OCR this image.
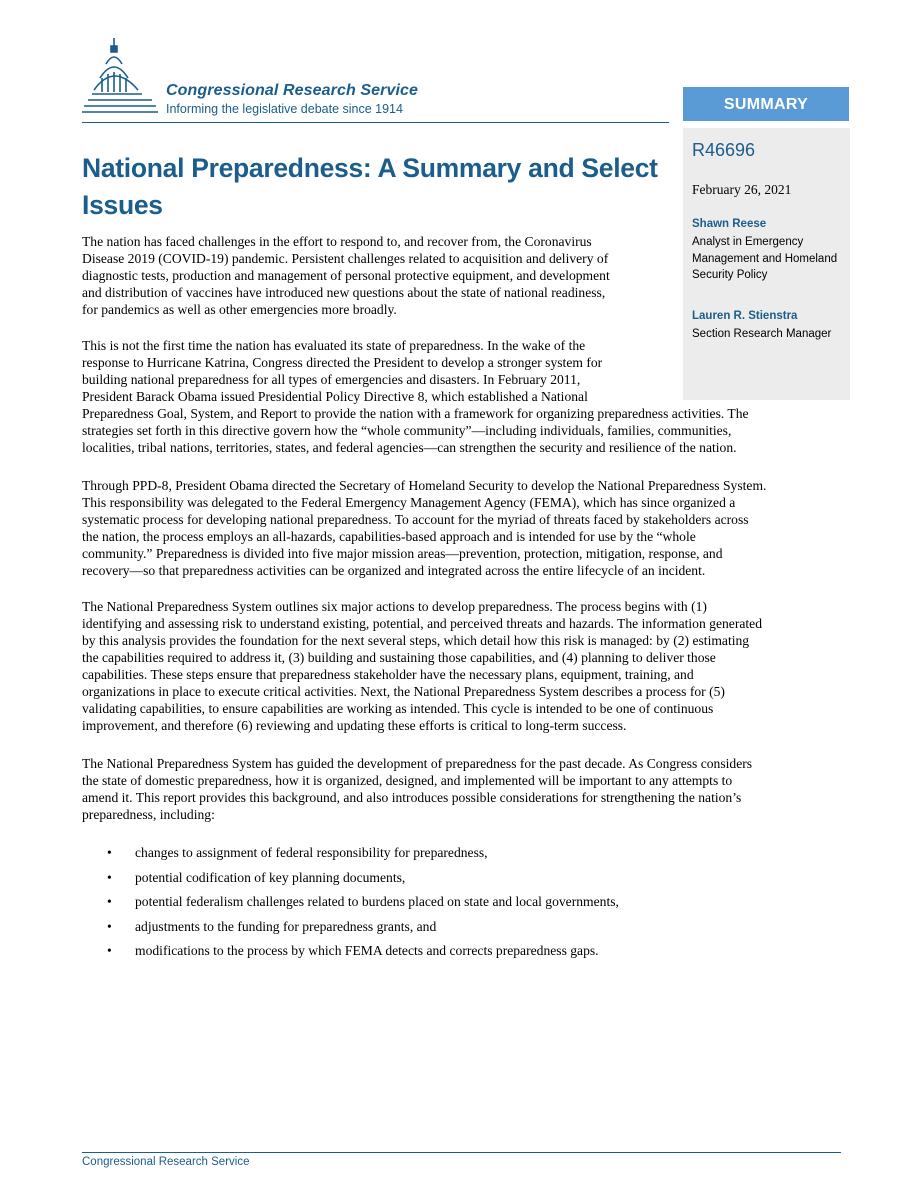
Congressional Research Service
Informing the legislative debate since 1914	SUMMARY
R46696
February 26, 2021
Shawn Reese
Analyst in Emergency Management and Homeland Security Policy
Lauren R. Stienstra
Section Research Manager
National Preparedness: A Summary and Select
Issues

The nation has faced challenges in the effort to respond to, and recover from, the Coronavirus
Disease 2019 (COVID-19) pandemic. Persistent challenges related to acquisition and delivery of
diagnostic tests, production and management of personal protective equipment, and development
and distribution of vaccines have introduced new questions about the state of national readiness,
for pandemics as well as other emergencies more broadly.

This is not the first time the nation has evaluated its state of preparedness. In the wake of the
response to Hurricane Katrina, Congress directed the President to develop a stronger system for
building national preparedness for all types of emergencies and disasters. In February 2011,
President Barack Obama issued Presidential Policy Directive 8, which established a National
Preparedness Goal, System, and Report to provide the nation with a framework for organizing preparedness activities. The
strategies set forth in this directive govern how the “whole community”—including individuals, families, communities,
localities, tribal nations, territories, states, and federal agencies—can strengthen the security and resilience of the nation.

Through PPD-8, President Obama directed the Secretary of Homeland Security to develop the National Preparedness System.
This responsibility was delegated to the Federal Emergency Management Agency (FEMA), which has since organized a
systematic process for developing national preparedness. To account for the myriad of threats faced by stakeholders across
the nation, the process employs an all-hazards, capabilities-based approach and is intended for use by the “whole
community.” Preparedness is divided into five major mission areas—prevention, protection, mitigation, response, and
recovery—so that preparedness activities can be organized and integrated across the entire lifecycle of an incident.

The National Preparedness System outlines six major actions to develop preparedness. The process begins with (1)
identifying and assessing risk to understand existing, potential, and perceived threats and hazards. The information generated
by this analysis provides the foundation for the next several steps, which detail how this risk is managed: by (2) estimating
the capabilities required to address it, (3) building and sustaining those capabilities, and (4) planning to deliver those
capabilities. These steps ensure that preparedness stakeholder have the necessary plans, equipment, training, and
organizations in place to execute critical activities. Next, the National Preparedness System describes a process for (5)
validating capabilities, to ensure capabilities are working as intended. This cycle is intended to be one of continuous
improvement, and therefore (6) reviewing and updating these efforts is critical to long-term success.

The National Preparedness System has guided the development of preparedness for the past decade. As Congress considers
the state of domestic preparedness, how it is organized, designed, and implemented will be important to any attempts to
amend it. This report provides this background, and also introduces possible considerations for strengthening the nation’s
preparedness, including:

• changes to assignment of federal responsibility for preparedness,
• potential codification of key planning documents,
• potential federalism challenges related to burdens placed on state and local governments,
• adjustments to the funding for preparedness grants, and
• modifications to the process by which FEMA detects and corrects preparedness gaps.
Congressional Research Service
